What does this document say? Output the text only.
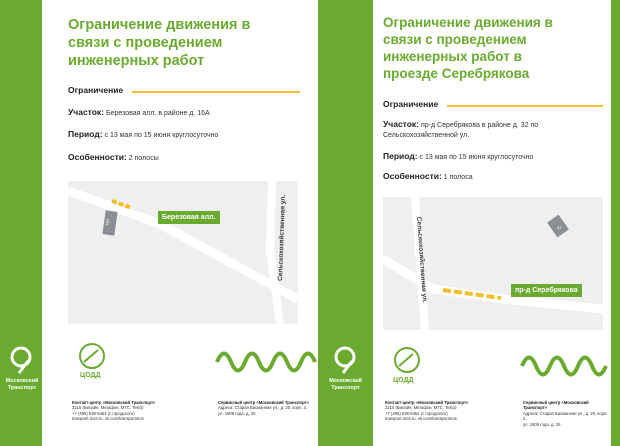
Ограничение движения в
связи с проведением
инженерных работ
Ограничение
Участок: Березовая алл. в районе д. 16А
Период: с 13 мая по 15 июня круглосуточно
Особенности: 2 полосы
16А	Сельскохозяйственная ул.
Березовая алл.
ЦОДД
Контакт-центр «Московский Транспорт»
3210 (Билайн, Мегафон, МТС, Tele2)
+7 (495) 539-5454 (с городского)
transport.mos.ru, vk.com/transportmos
Сервисный центр «Московский Транспорт»
Адреса: Старая Басманная ул., д. 20, корп. 2,
ул. 1905 года, д. 25
Московский
Транспорт
Московский
Транспорт
Ограничение движения в
связи с проведением
инженерных работ в
проезде Серебрякова
Ограничение
Участок: пр-д Серебрякова в районе д. 32 по
Сельскохозяйственной ул.
Период: с 13 мая по 15 июня круглосуточно
Особенности: 1 полоса
32
Сельскохозяйственная ул.	пр-д Серебрякова
ЦОДД
Контакт-центр «Московский Транспорт»
3210 (Билайн, Мегафон, МТС, Tele2)
+7 (495) 539-5454 (с городского)
transport.mos.ru, vk.com/transportmos
Сервисный центр «Московский Транспорт»
Адреса: Старая Басманная ул., д. 20, корп. 2,
ул. 1905 года, д. 25
